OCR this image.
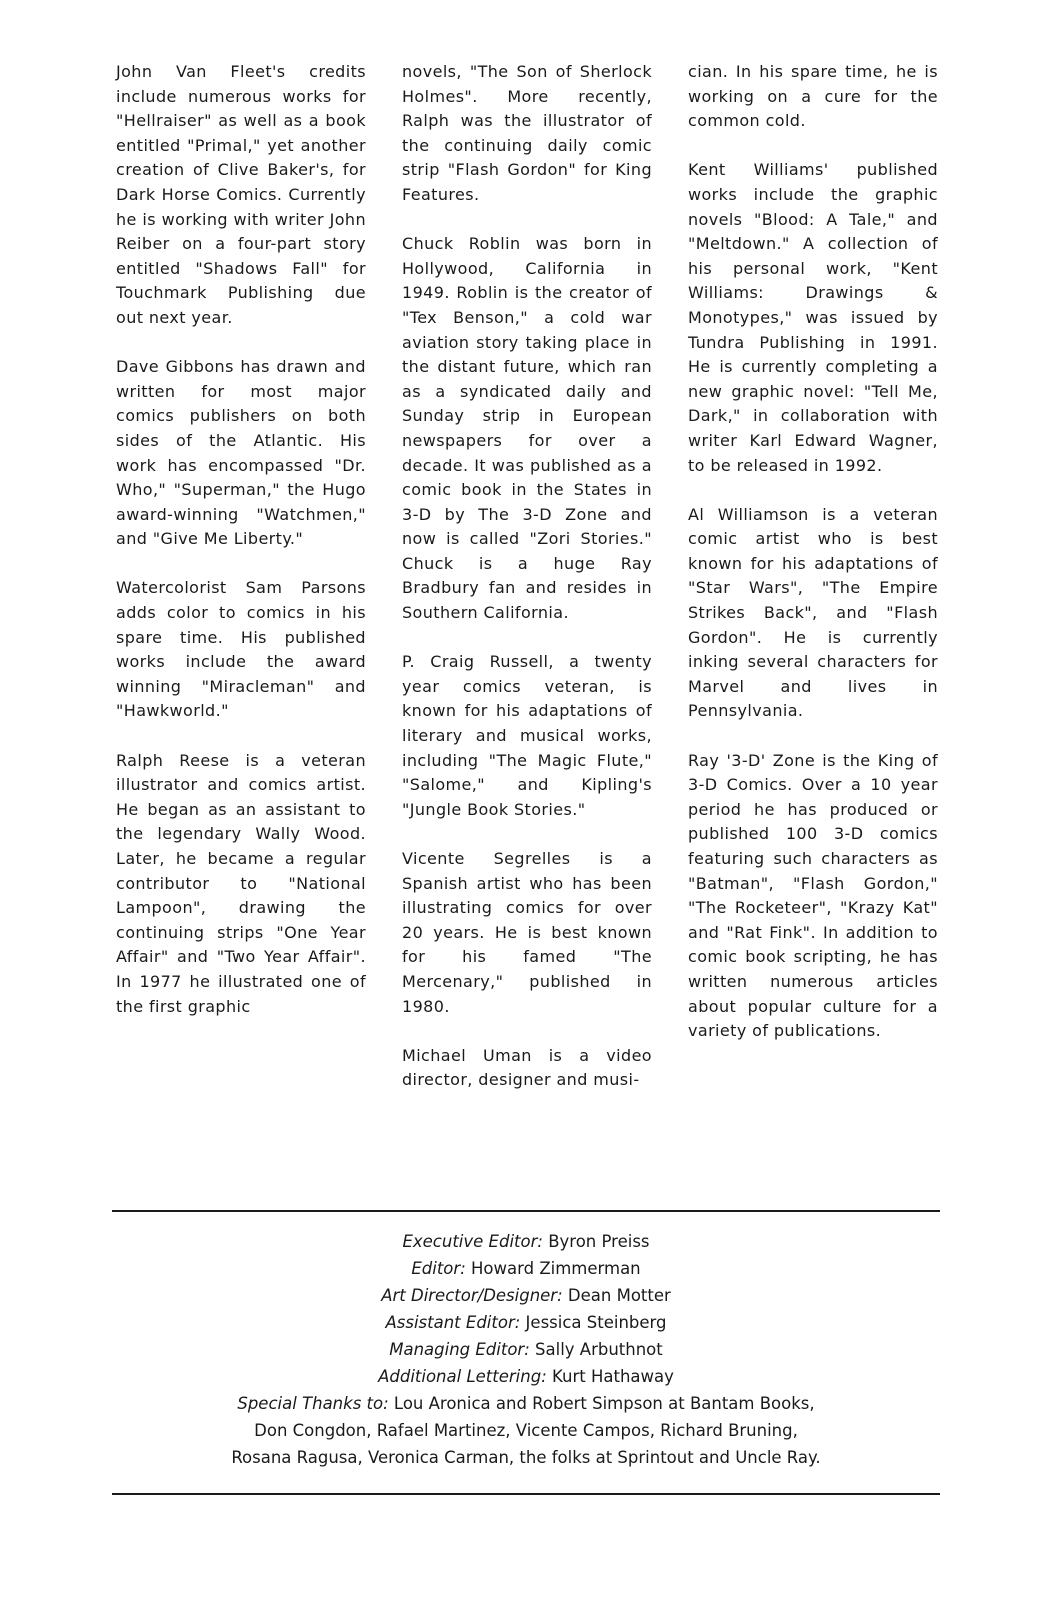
John Van Fleet's credits include numerous works for "Hellraiser" as well as a book entitled "Primal," yet another creation of Clive Baker's, for Dark Horse Comics. Currently he is working with writer John Reiber on a four-part story entitled "Shadows Fall" for Touchmark Publishing due out next year.

Dave Gibbons has drawn and written for most major comics publishers on both sides of the Atlantic. His work has encompassed "Dr. Who," "Superman," the Hugo award-winning "Watchmen," and "Give Me Liberty."

Watercolorist Sam Parsons adds color to comics in his spare time. His published works include the award winning "Miracleman" and "Hawkworld."

Ralph Reese is a veteran illustrator and comics artist. He began as an assistant to the legendary Wally Wood. Later, he became a regular contributor to "National Lampoon", drawing the continuing strips "One Year Affair" and "Two Year Affair". In 1977 he illustrated one of the first graphic

novels, "The Son of Sherlock Holmes". More recently, Ralph was the illustrator of the continuing daily comic strip "Flash Gordon" for King Features.

Chuck Roblin was born in Hollywood, California in 1949. Roblin is the creator of "Tex Benson," a cold war aviation story taking place in the distant future, which ran as a syndicated daily and Sunday strip in European newspapers for over a decade. It was published as a comic book in the States in 3-D by The 3-D Zone and now is called "Zori Stories." Chuck is a huge Ray Bradbury fan and resides in Southern California.

P. Craig Russell, a twenty year comics veteran, is known for his adaptations of literary and musical works, including "The Magic Flute," "Salome," and Kipling's "Jungle Book Stories."

Vicente Segrelles is a Spanish artist who has been illustrating comics for over 20 years. He is best known for his famed "The Mercenary," published in 1980.

Michael Uman is a video director, designer and musi-

cian. In his spare time, he is working on a cure for the common cold.

Kent Williams' published works include the graphic novels "Blood: A Tale," and "Meltdown." A collection of his personal work, "Kent Williams: Drawings & Monotypes," was issued by Tundra Publishing in 1991. He is currently completing a new graphic novel: "Tell Me, Dark," in collaboration with writer Karl Edward Wagner, to be released in 1992.

Al Williamson is a veteran comic artist who is best known for his adaptations of "Star Wars", "The Empire Strikes Back", and "Flash Gordon". He is currently inking several characters for Marvel and lives in Pennsylvania.

Ray '3-D' Zone is the King of 3-D Comics. Over a 10 year period he has produced or published 100 3-D comics featuring such characters as "Batman", "Flash Gordon," "The Rocketeer", "Krazy Kat" and "Rat Fink". In addition to comic book scripting, he has written numerous articles about popular culture for a variety of publications.

Executive Editor: Byron Preiss
Editor: Howard Zimmerman
Art Director/Designer: Dean Motter
Assistant Editor: Jessica Steinberg
Managing Editor: Sally Arbuthnot
Additional Lettering: Kurt Hathaway
Special Thanks to: Lou Aronica and Robert Simpson at Bantam Books,
Don Congdon, Rafael Martinez, Vicente Campos, Richard Bruning,
Rosana Ragusa, Veronica Carman, the folks at Sprintout and Uncle Ray.
